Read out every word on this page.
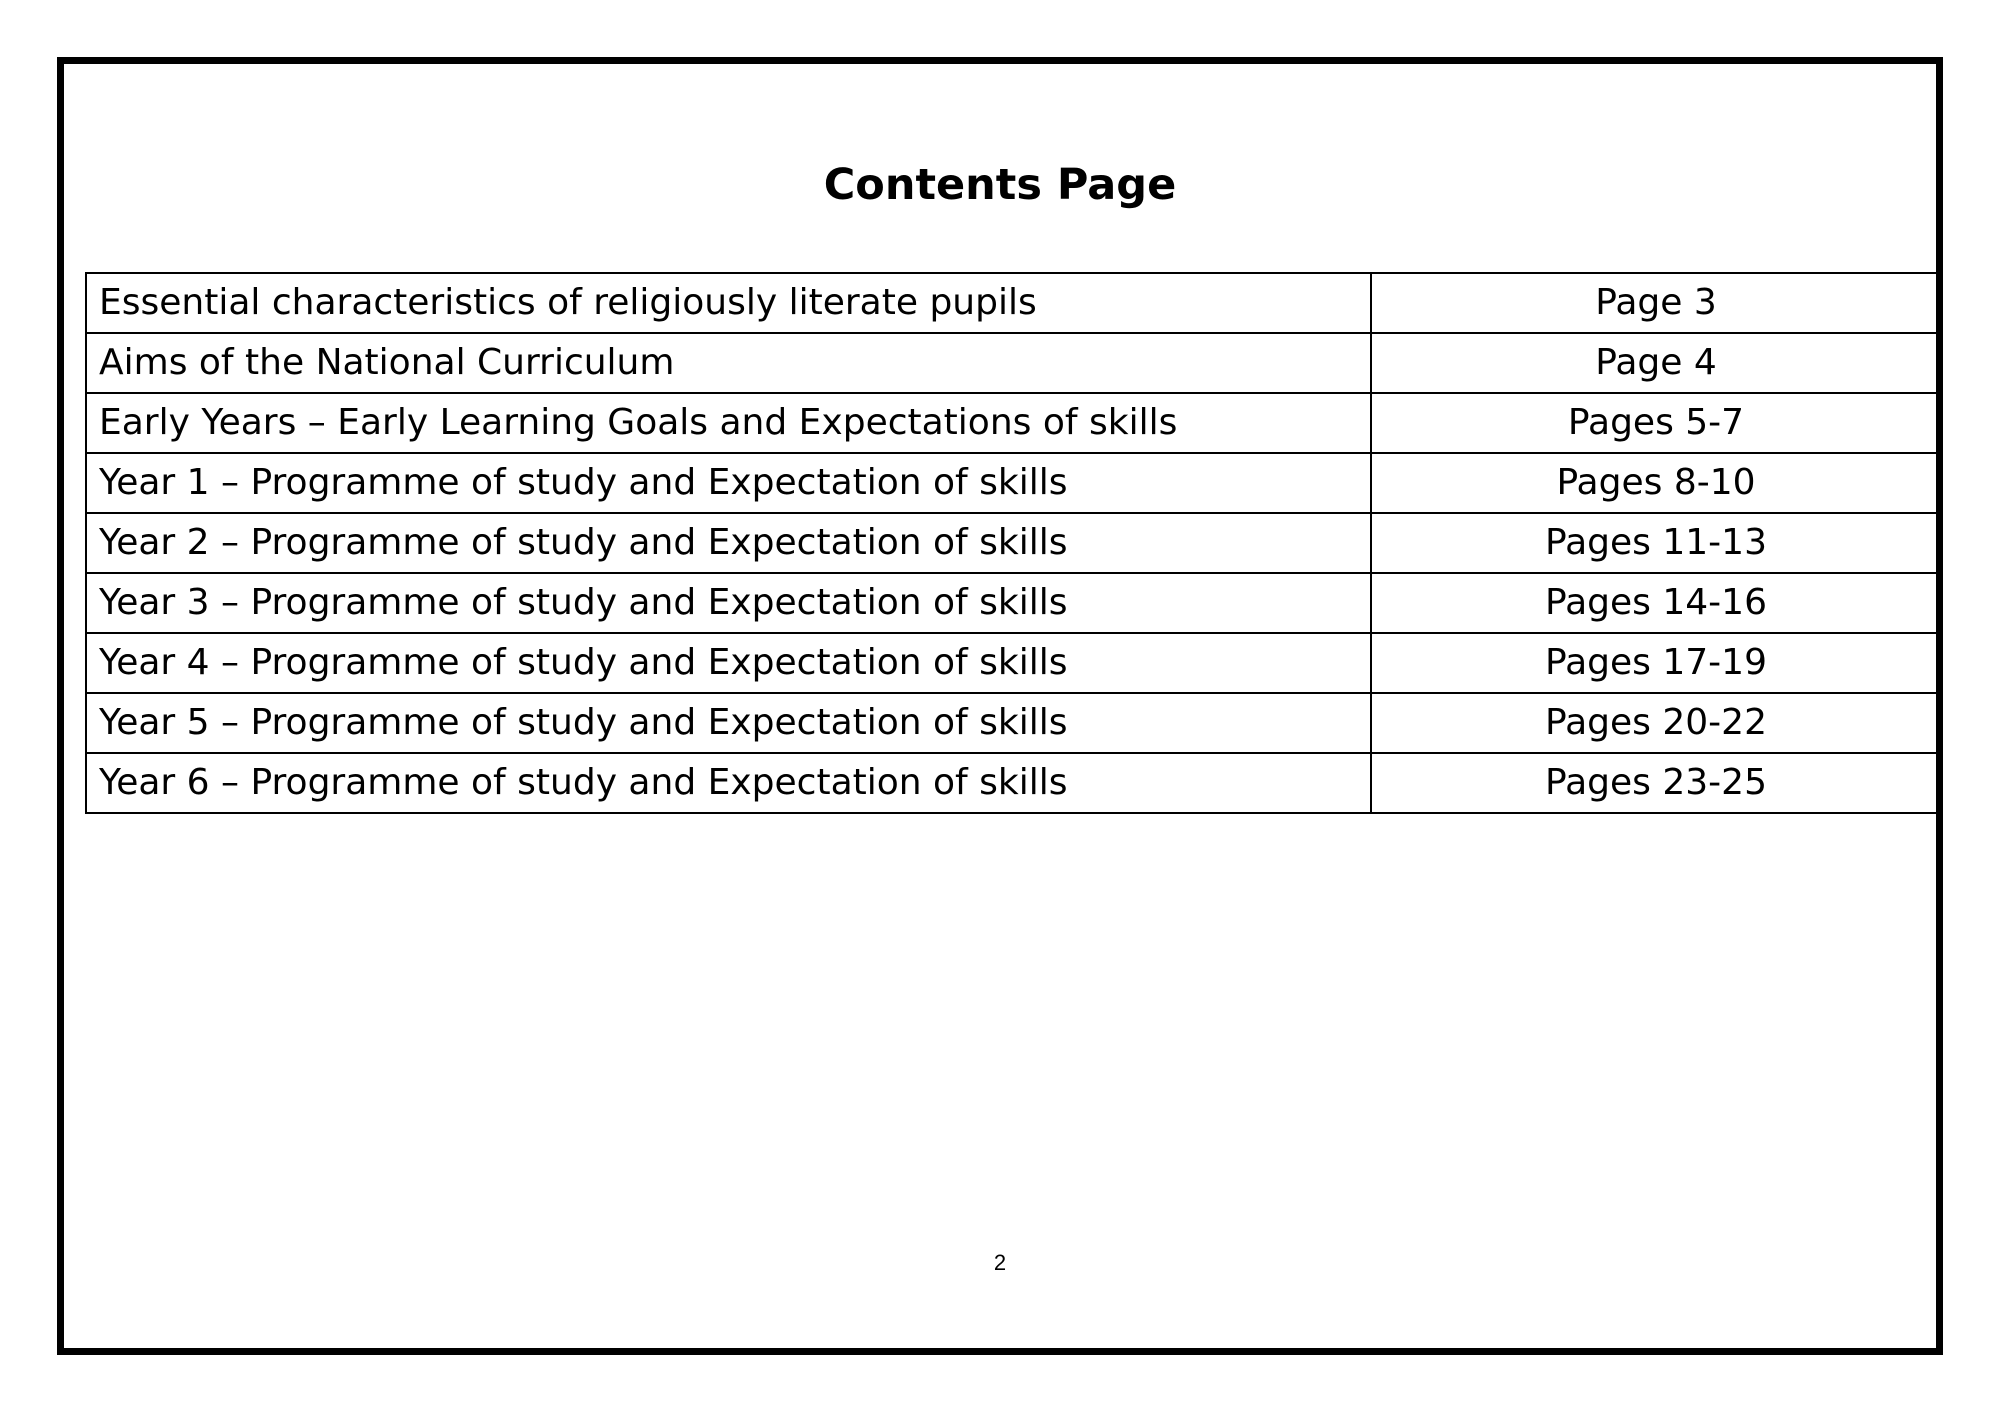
Contents Page
Essential characteristics of religiously literate pupils	Page 3
Aims of the National Curriculum	Page 4
Early Years – Early Learning Goals and Expectations of skills	Pages 5-7
Year 1 – Programme of study and Expectation of skills	Pages 8-10
Year 2 – Programme of study and Expectation of skills	Pages 11-13
Year 3 – Programme of study and Expectation of skills	Pages 14-16
Year 4 – Programme of study and Expectation of skills	Pages 17-19
Year 5 – Programme of study and Expectation of skills	Pages 20-22
Year 6 – Programme of study and Expectation of skills	Pages 23-25
2
